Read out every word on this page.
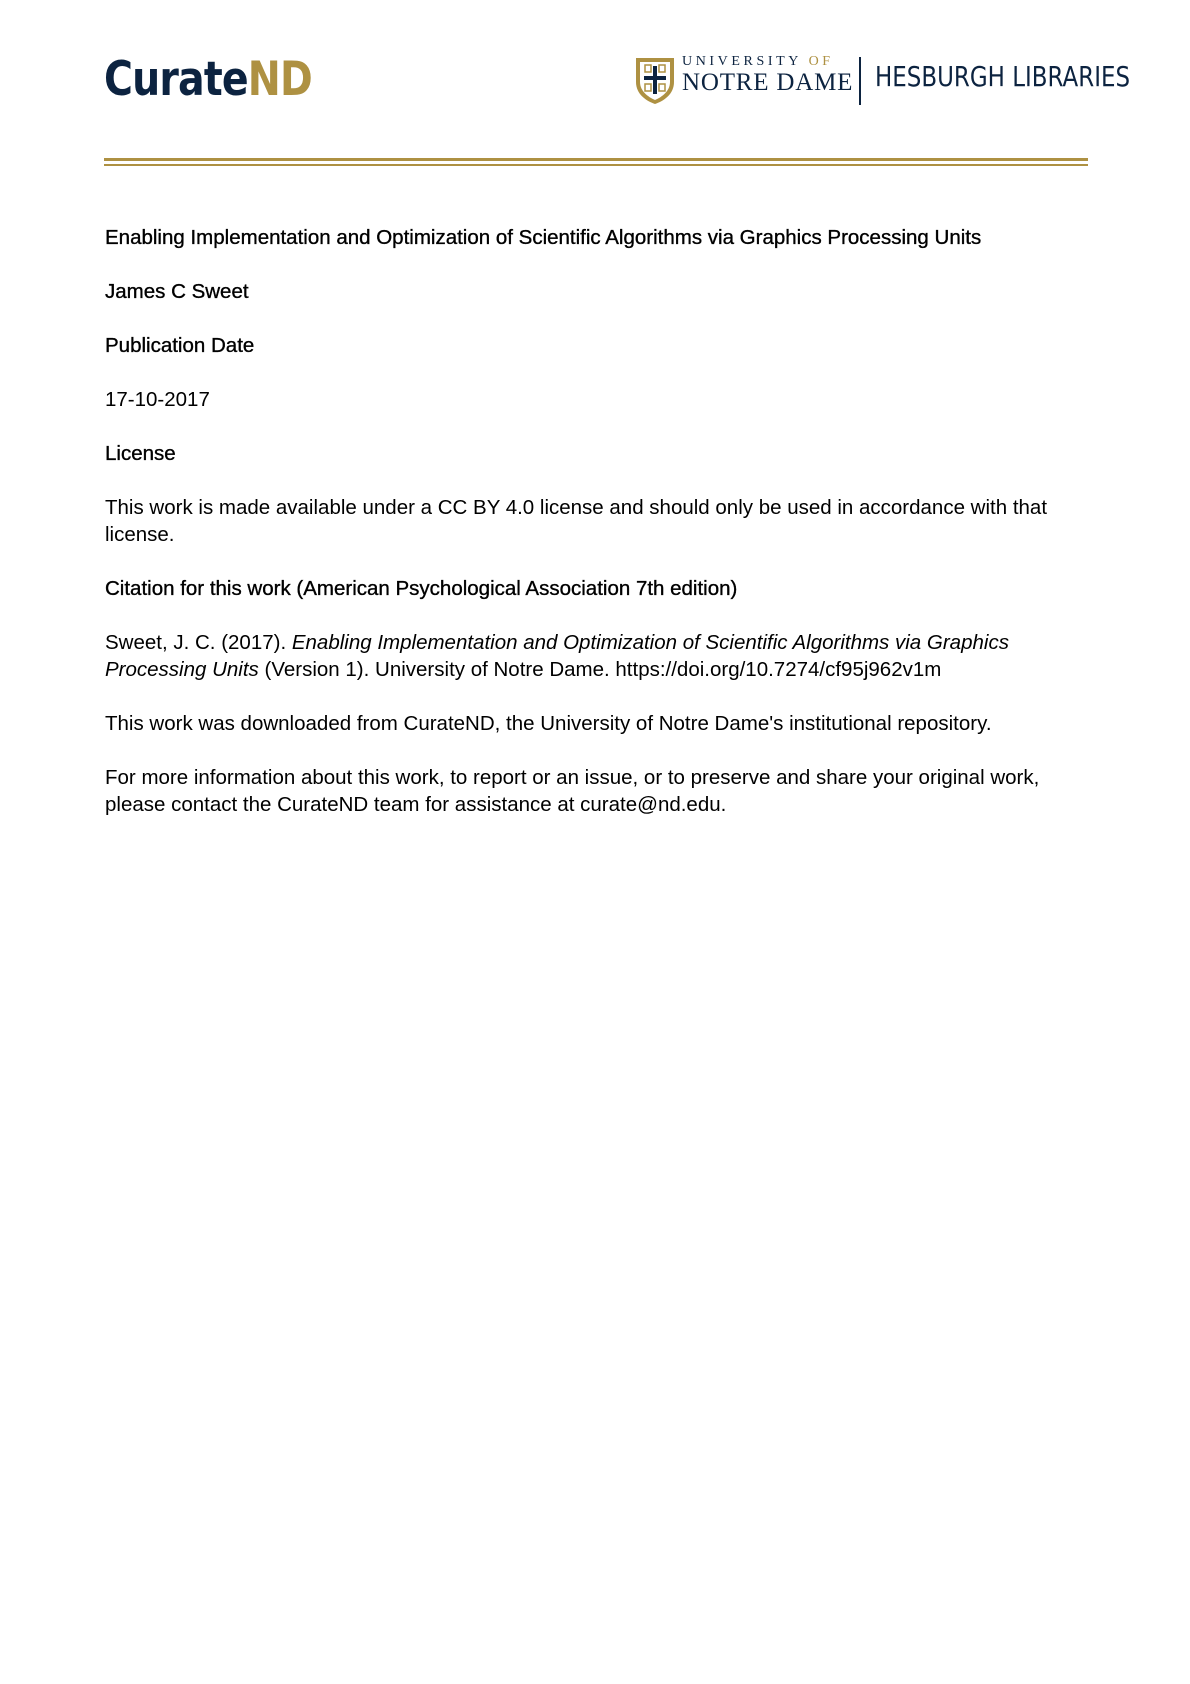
CurateND	UNIVERSITY OF
NOTRE DAME HESBURGH LIBRARIES

Enabling Implementation and Optimization of Scientific Algorithms via Graphics Processing Units

James C Sweet

Publication Date

17-10-2017

License

This work is made available under a CC BY 4.0 license and should only be used in accordance with that license.

Citation for this work (American Psychological Association 7th edition)

Sweet, J. C. (2017). Enabling Implementation and Optimization of Scientific Algorithms via Graphics Processing Units (Version 1). University of Notre Dame. https://doi.org/10.7274/cf95j962v1m

This work was downloaded from CurateND, the University of Notre Dame's institutional repository.

For more information about this work, to report or an issue, or to preserve and share your original work, please contact the CurateND team for assistance at curate@nd.edu.
